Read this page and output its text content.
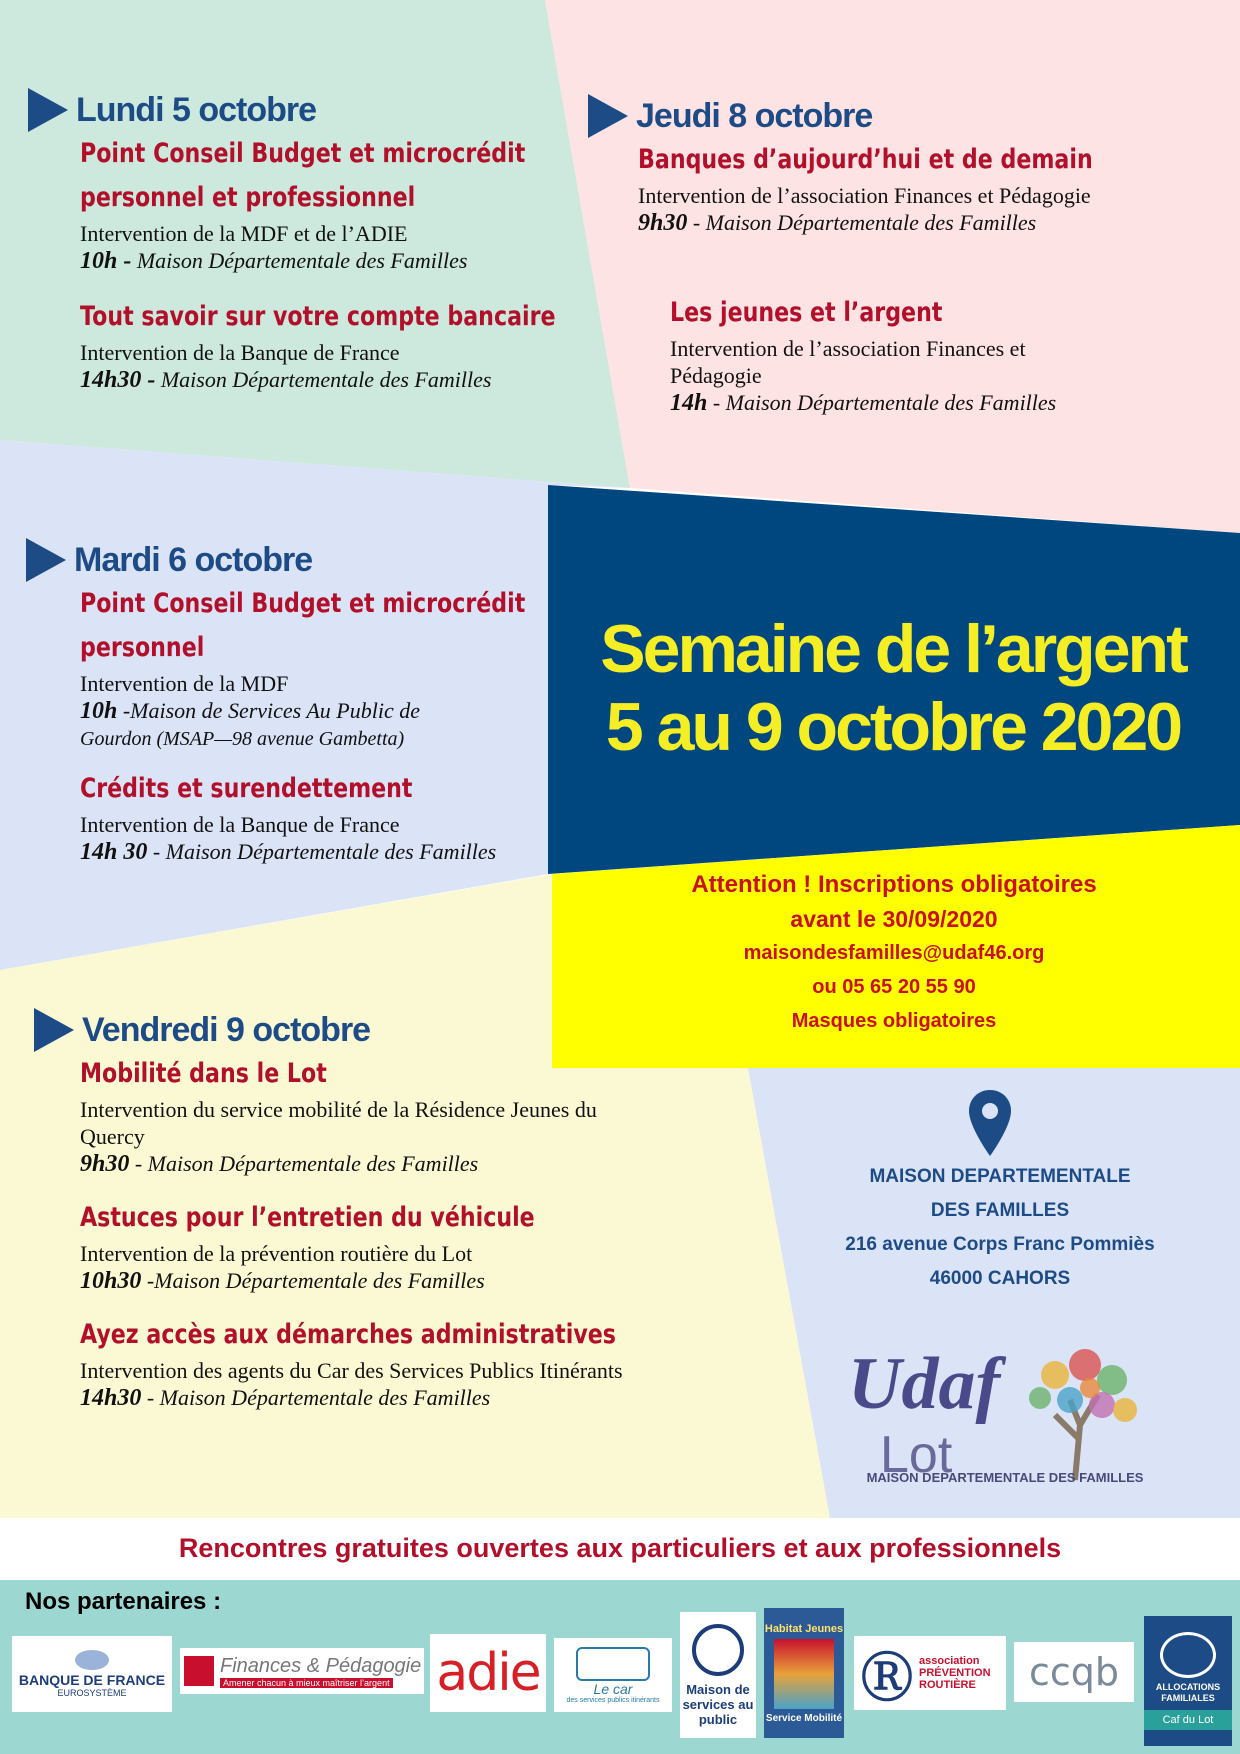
Lundi 5 octobre
Point Conseil Budget et microcrédit
personnel et professionnel
Intervention de la MDF et de l’ADIE
10h - Maison Départementale des Familles
Tout savoir sur votre compte bancaire
Intervention de la Banque de France
14h30 - Maison Départementale des Familles
Jeudi 8 octobre
Banques d’aujourd’hui et de demain
Intervention de l’association Finances et Pédagogie
9h30 - Maison Départementale des Familles
Les jeunes et l’argent
Intervention de l’association Finances et
Pédagogie
14h - Maison Départementale des Familles
Mardi 6 octobre
Point Conseil Budget et microcrédit
personnel
Intervention de la MDF
10h -Maison de Services Au Public de
Gourdon (MSAP—98 avenue Gambetta)
Crédits et surendettement
Intervention de la Banque de France
14h 30 - Maison Départementale des Familles
Vendredi 9 octobre
Mobilité dans le Lot
Intervention du service mobilité de la Résidence Jeunes du
Quercy
9h30 - Maison Départementale des Familles
Astuces pour l’entretien du véhicule
Intervention de la prévention routière du Lot
10h30 -Maison Départementale des Familles
Ayez accès aux démarches administratives
Intervention des agents du Car des Services Publics Itinérants
14h30 - Maison Départementale des Familles
Semaine de l’argent
5 au 9 octobre 2020
Attention ! Inscriptions obligatoires
avant le 30/09/2020
maisondesfamilles@udaf46.org
ou 05 65 20 55 90
Masques obligatoires
MAISON DEPARTEMENTALE
DES FAMILLES
216 avenue Corps Franc Pommiès
46000 CAHORS
Udaf
Lot
MAISON DEPARTEMENTALE DES FAMILLES
Rencontres gratuites ouvertes aux particuliers et aux professionnels
Nos partenaires :
BANQUE DE FRANCE
EUROSYSTÈME
Finances & Pédagogie
Amener chacun à mieux maîtriser l’argent adie	Le car
des services publics itinérants
Maison de services au public
Habitat Jeunes
Service Mobilité
Ⓡ association PRÉVENTION ROUTIÈRE	ccqb	ALLOCATIONS FAMILIALES
Caf du Lot
